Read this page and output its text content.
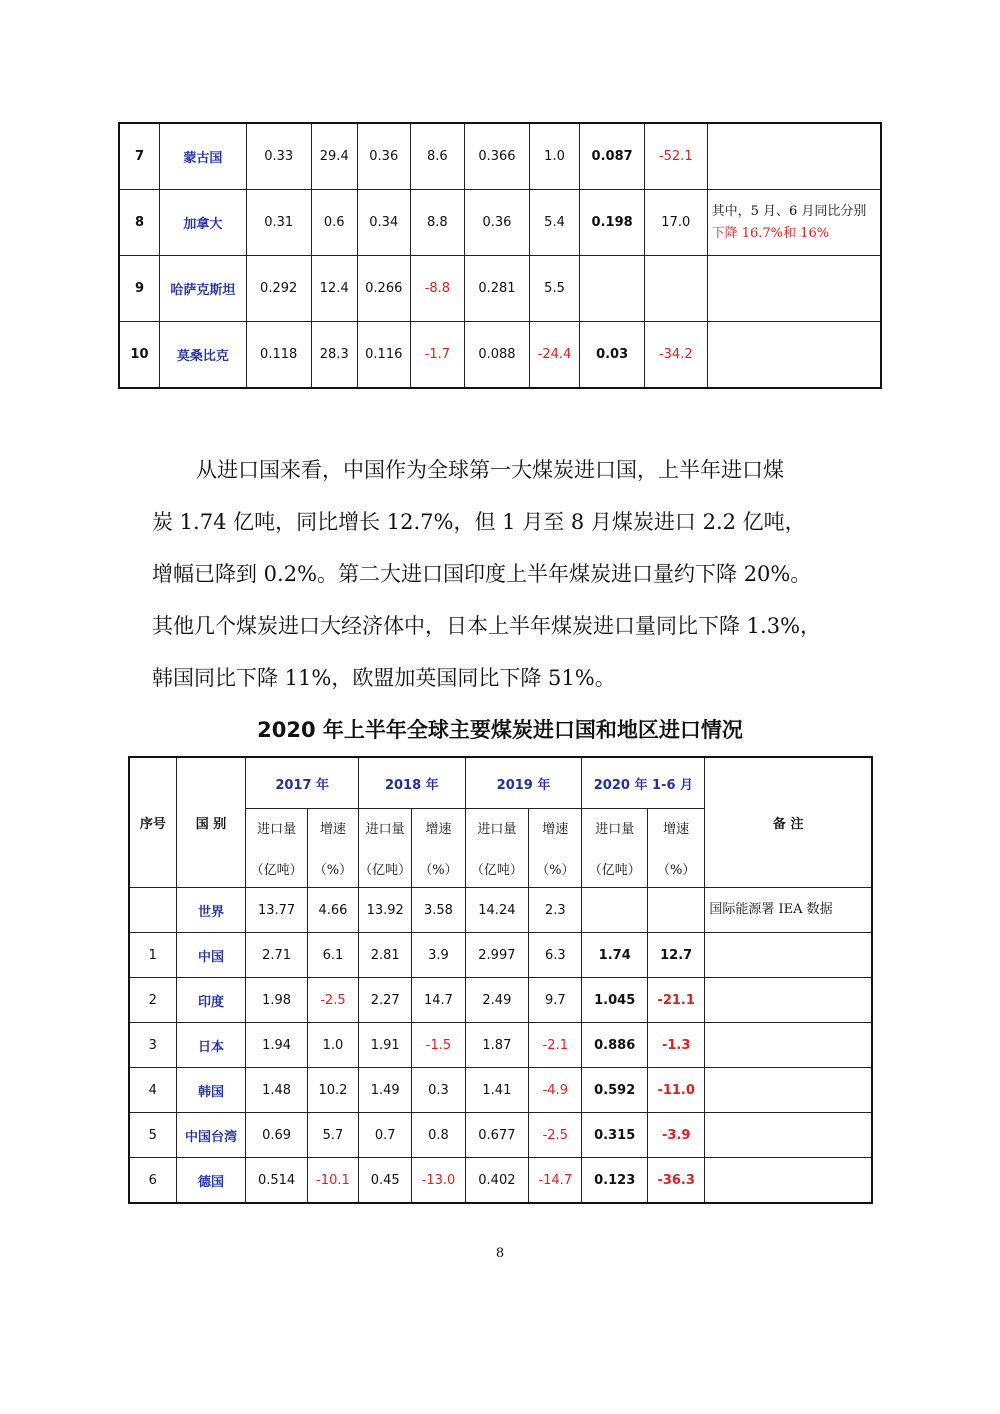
7	蒙古国	0.33	29.4	0.36	8.6	0.366	1.0	0.087	-52.1	

8	加拿大	0.31	0.6	0.34	8.8	0.36	5.4	0.198	17.0	其中，5 月、6 月同比分别
下降 16.7%和 16%

9	哈萨克斯坦	0.292	12.4	0.266	-8.8	0.281	5.5			

10	莫桑比克	0.118	28.3	0.116	-1.7	0.088	-24.4	0.03	-34.2	
从进口国来看，中国作为全球第一大煤炭进口国，上半年进口煤
炭 1.74 亿吨，同比增长 12.7%，但 1 月至 8 月煤炭进口 2.2 亿吨，
增幅已降到 0.2%。第二大进口国印度上半年煤炭进口量约下降 20%。
其他几个煤炭进口大经济体中，日本上半年煤炭进口量同比下降 1.3%，
韩国同比下降 11%，欧盟加英国同比下降 51%。
2020 年上半年全球主要煤炭进口国和地区进口情况
序号	国 别	2017 年		2018 年		2019 年		2020 年 1-6 月		备 注

		进口量
（亿吨）	增速
（%）	进口量
（亿吨）	增速
（%）	进口量
（亿吨）	增速
（%）	进口量
（亿吨）	增速
（%）	

	世界	13.77	4.66	13.92	3.58	14.24	2.3			国际能源署 IEA 数据
1	中国	2.71	6.1	2.81	3.9	2.997	6.3	1.74	12.7	
2	印度	1.98	-2.5	2.27	14.7	2.49	9.7	1.045	-21.1	
3	日本	1.94	1.0	1.91	-1.5	1.87	-2.1	0.886	-1.3	
4	韩国	1.48	10.2	1.49	0.3	1.41	-4.9	0.592	-11.0	
5	中国台湾	0.69	5.7	0.7	0.8	0.677	-2.5	0.315	-3.9	
6	德国	0.514	-10.1	0.45	-13.0	0.402	-14.7	0.123	-36.3	
8
